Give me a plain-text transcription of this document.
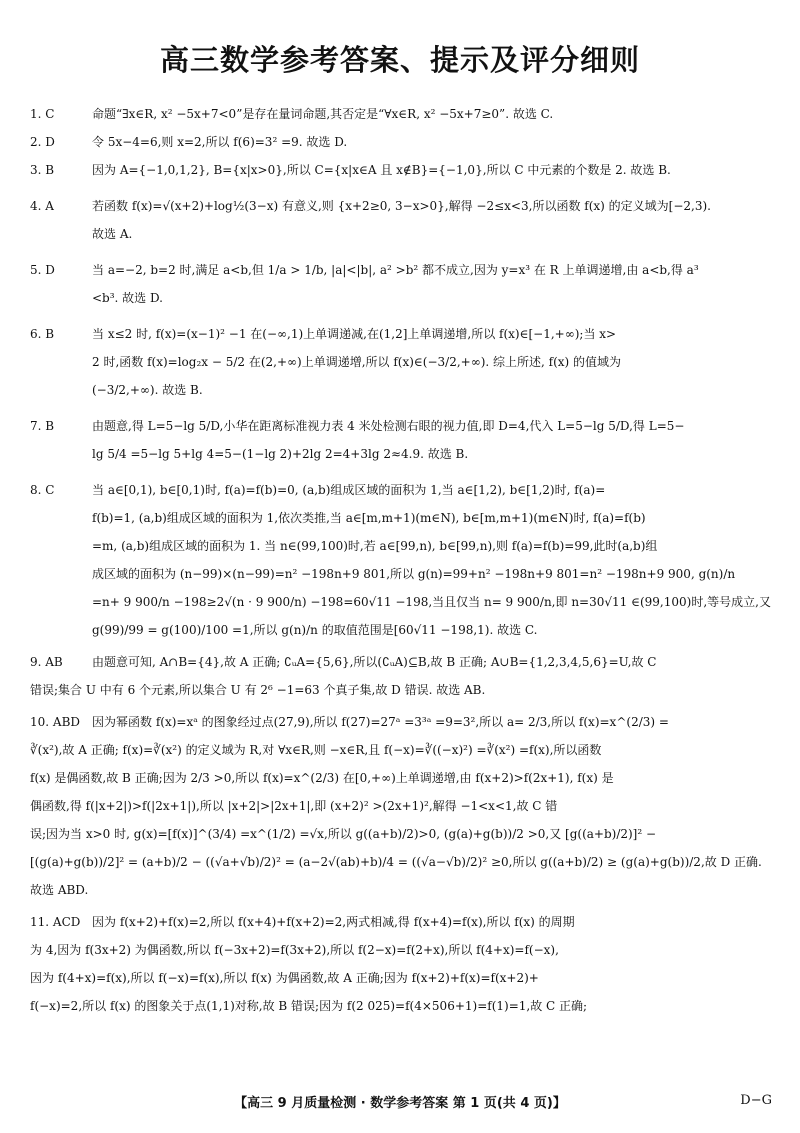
高三数学参考答案、提示及评分细则
1. C	命题“∃x∈R, x² −5x+7<0”是存在量词命题,其否定是“∀x∈R, x² −5x+7≥0”. 故选 C.
2. D	令 5x−4=6,则 x=2,所以 f(6)=3² =9. 故选 D.
3. B	因为 A={−1,0,1,2}, B={x|x>0},所以 C={x|x∈A 且 x∉B}={−1,0},所以 C 中元素的个数是 2. 故选 B.
4. A	若函数 f(x)=√(x+2)+log½(3−x) 有意义,则 {x+2≥0, 3−x>0},解得 −2≤x<3,所以函数 f(x) 的定义域为[−2,3).
故选 A.
5. D	当 a=−2, b=2 时,满足 a<b,但 1/a > 1/b, |a|<|b|, a² >b² 都不成立,因为 y=x³ 在 R 上单调递增,由 a<b,得 a³
<b³. 故选 D.
6. B	当 x≤2 时, f(x)=(x−1)² −1 在(−∞,1)上单调递减,在(1,2]上单调递增,所以 f(x)∈[−1,+∞);当 x>
2 时,函数 f(x)=log₂x − 5/2 在(2,+∞)上单调递增,所以 f(x)∈(−3/2,+∞). 综上所述, f(x) 的值域为
(−3/2,+∞). 故选 B.
7. B	由题意,得 L=5−lg 5/D,小华在距离标准视力表 4 米处检测右眼的视力值,即 D=4,代入 L=5−lg 5/D,得 L=5−
lg 5/4 =5−lg 5+lg 4=5−(1−lg 2)+2lg 2=4+3lg 2≈4.9. 故选 B.
8. C	当 a∈[0,1), b∈[0,1)时, f(a)=f(b)=0, (a,b)组成区域的面积为 1,当 a∈[1,2), b∈[1,2)时, f(a)=
f(b)=1, (a,b)组成区域的面积为 1,依次类推,当 a∈[m,m+1)(m∈N), b∈[m,m+1)(m∈N)时, f(a)=f(b)
=m, (a,b)组成区域的面积为 1. 当 n∈(99,100)时,若 a∈[99,n), b∈[99,n),则 f(a)=f(b)=99,此时(a,b)组
成区域的面积为 (n−99)×(n−99)=n² −198n+9 801,所以 g(n)=99+n² −198n+9 801=n² −198n+9 900, g(n)/n
=n+ 9 900/n −198≥2√(n · 9 900/n) −198=60√11 −198,当且仅当 n= 9 900/n,即 n=30√11 ∈(99,100)时,等号成立,又
g(99)/99 = g(100)/100 =1,所以 g(n)/n 的取值范围是[60√11 −198,1). 故选 C.
9. AB	由题意可知, A∩B={4},故 A 正确; ∁ᵤA={5,6},所以(∁ᵤA)⊆B,故 B 正确; A∪B={1,2,3,4,5,6}=U,故 C
错误;集合 U 中有 6 个元素,所以集合 U 有 2⁶ −1=63 个真子集,故 D 错误. 故选 AB.
10. ABD 因为幂函数 f(x)=xᵃ 的图象经过点(27,9),所以 f(27)=27ᵃ =3³ᵃ =9=3²,所以 a= 2/3,所以 f(x)=x^(2/3) =
∛(x²),故 A 正确; f(x)=∛(x²) 的定义域为 R,对 ∀x∈R,则 −x∈R,且 f(−x)=∛((−x)²) =∛(x²) =f(x),所以函数
f(x) 是偶函数,故 B 正确;因为 2/3 >0,所以 f(x)=x^(2/3) 在[0,+∞)上单调递增,由 f(x+2)>f(2x+1), f(x) 是
偶函数,得 f(|x+2|)>f(|2x+1|),所以 |x+2|>|2x+1|,即 (x+2)² >(2x+1)²,解得 −1<x<1,故 C 错
误;因为当 x>0 时, g(x)=[f(x)]^(3/4) =x^(1/2) =√x,所以 g((a+b)/2)>0, (g(a)+g(b))/2 >0,又 [g((a+b)/2)]² −
[(g(a)+g(b))/2]² = (a+b)/2 − ((√a+√b)/2)² = (a−2√(ab)+b)/4 = ((√a−√b)/2)² ≥0,所以 g((a+b)/2) ≥ (g(a)+g(b))/2,故 D 正确.
故选 ABD.
11. ACD 因为 f(x+2)+f(x)=2,所以 f(x+4)+f(x+2)=2,两式相减,得 f(x+4)=f(x),所以 f(x) 的周期
为 4,因为 f(3x+2) 为偶函数,所以 f(−3x+2)=f(3x+2),所以 f(2−x)=f(2+x),所以 f(4+x)=f(−x),
因为 f(4+x)=f(x),所以 f(−x)=f(x),所以 f(x) 为偶函数,故 A 正确;因为 f(x+2)+f(x)=f(x+2)+
f(−x)=2,所以 f(x) 的图象关于点(1,1)对称,故 B 错误;因为 f(2 025)=f(4×506+1)=f(1)=1,故 C 正确;
【高三 9 月质量检测 · 数学参考答案 第 1 页(共 4 页)】	D−G
